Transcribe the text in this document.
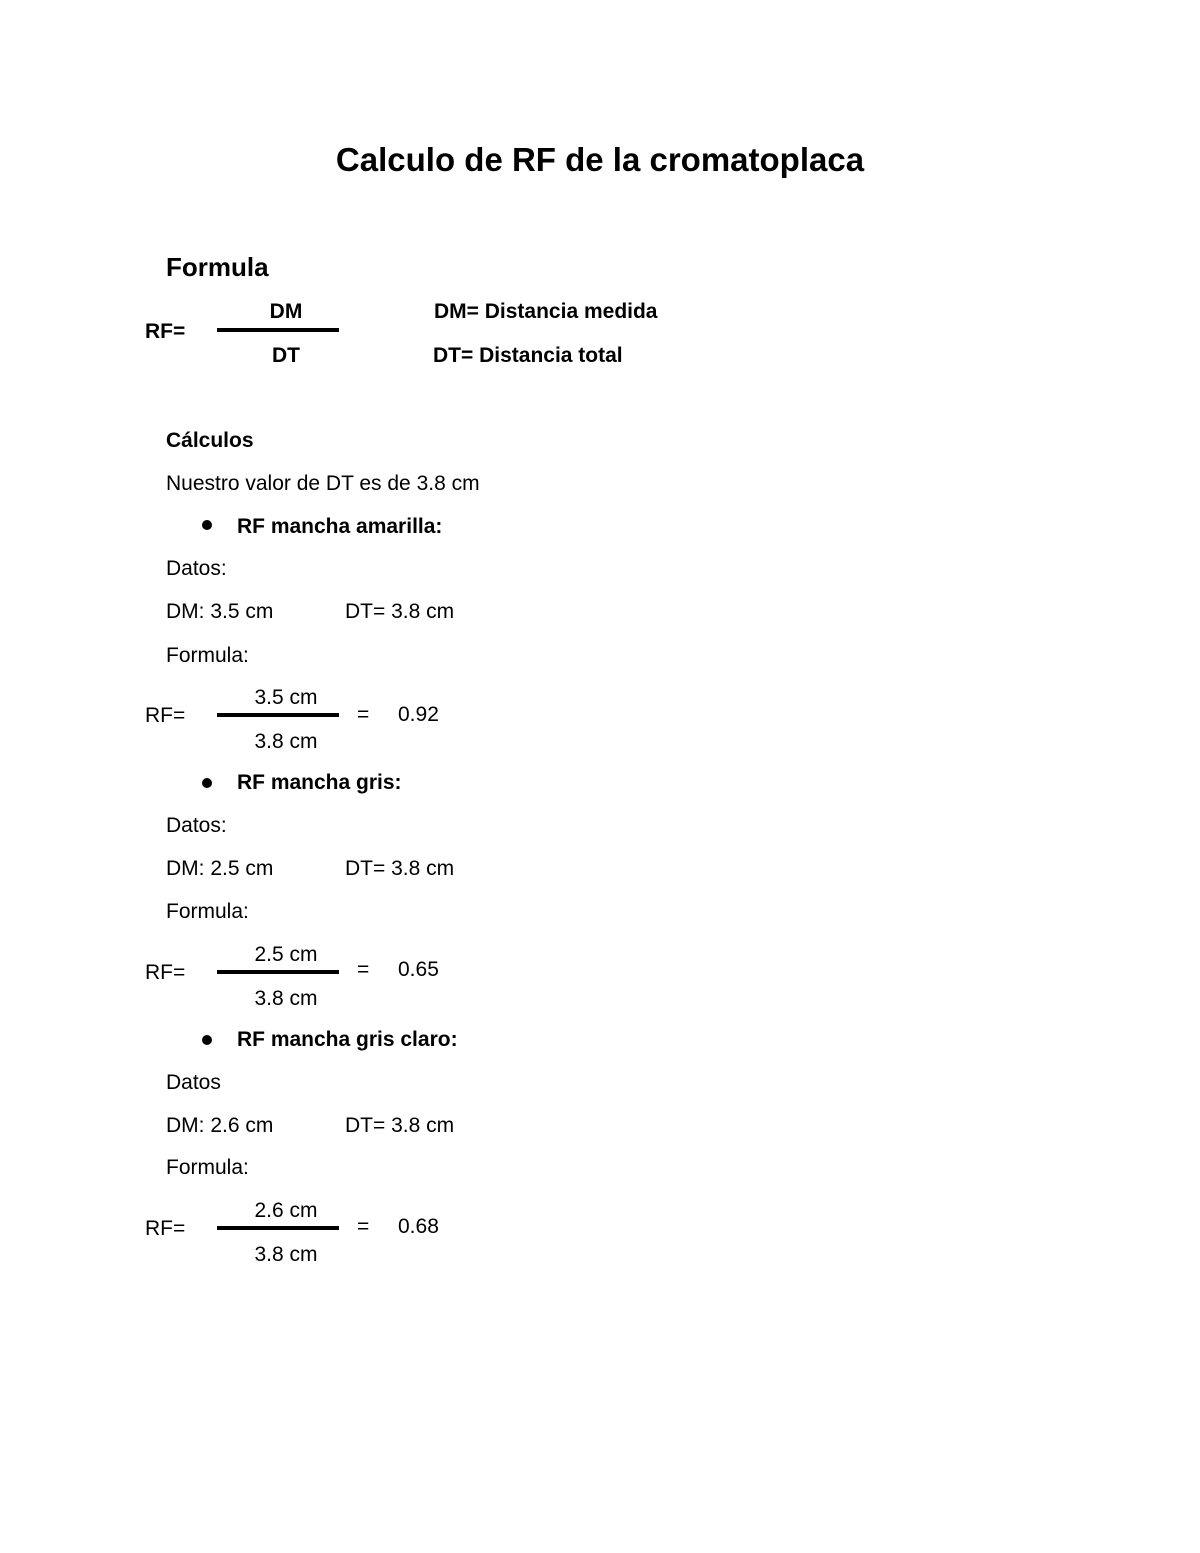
Calculo de RF de la cromatoplaca
Formula
RF=
DM
DT
DM= Distancia medida
DT= Distancia total
Cálculos
Nuestro valor de DT es de 3.8 cm
RF mancha amarilla:
Datos:
DM: 3.5 cm	DT= 3.8 cm
Formula:
RF=
3.5 cm
3.8 cm
= 0.92
RF mancha gris:
Datos:
DM: 2.5 cm	DT= 3.8 cm
Formula:
RF=
2.5 cm
3.8 cm
= 0.65
RF mancha gris claro:
Datos
DM: 2.6 cm	DT= 3.8 cm
Formula:
RF=
2.6 cm
3.8 cm
= 0.68
